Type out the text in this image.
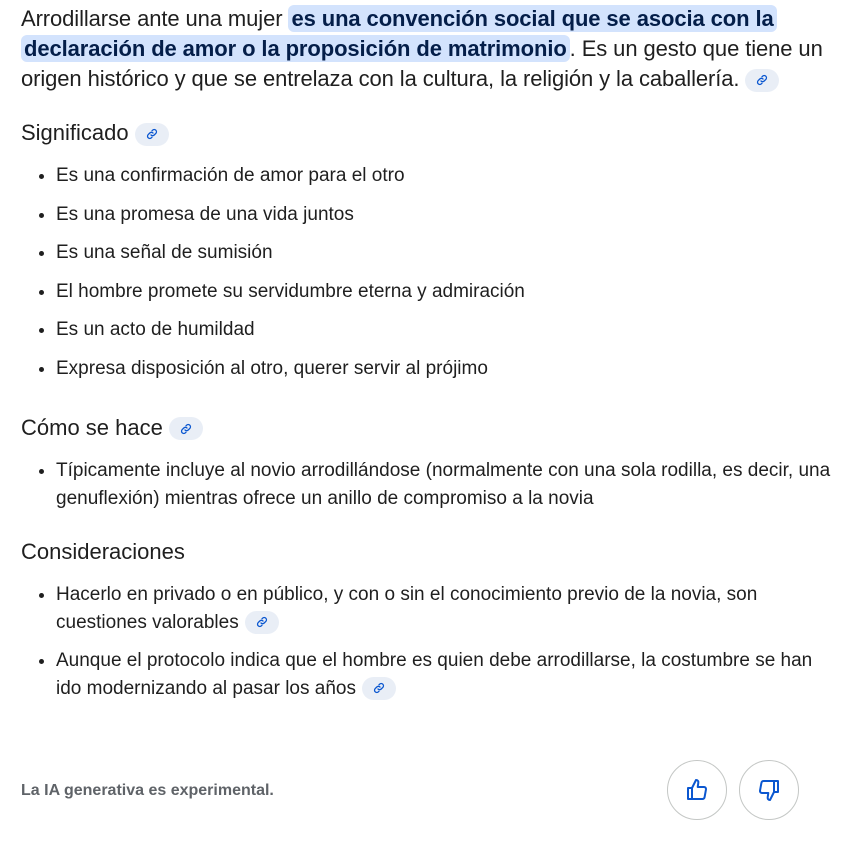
Arrodillarse ante una mujer es una convención social que se asocia con la declaración de amor o la proposición de matrimonio . Es un gesto que tiene un origen histórico y que se entrelaza con la cultura, la religión y la caballería.

Significado
• Es una confirmación de amor para el otro
• Es una promesa de una vida juntos
• Es una señal de sumisión
• El hombre promete su servidumbre eterna y admiración
• Es un acto de humildad
• Expresa disposición al otro, querer servir al prójimo
Cómo se hace
• Típicamente incluye al novio arrodillándose (normalmente con una sola rodilla, es decir, una genuflexión) mientras ofrece un anillo de compromiso a la novia
Consideraciones
• Hacerlo en privado o en público, y con o sin el conocimiento previo de la novia, son cuestiones valorables
• Aunque el protocolo indica que el hombre es quien debe arrodillarse, la costumbre se han ido modernizando al pasar los años
La IA generativa es experimental.
